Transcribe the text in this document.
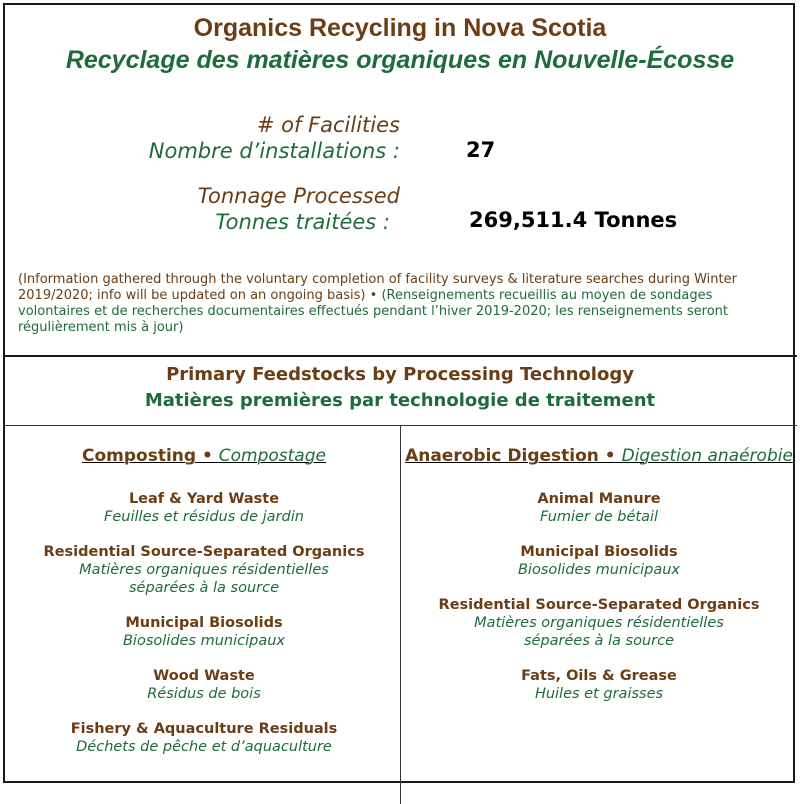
Organics Recycling in Nova Scotia
Recyclage des matières organiques en Nouvelle-Écosse
# of Facilities
Nombre d’installations :	27
Tonnage Processed
Tonnes traitées :	269,511.4 Tonnes
(Information gathered through the voluntary completion of facility surveys & literature searches during Winter 2019/2020; info will be updated on an ongoing basis) • (Renseignements recueillis au moyen de sondages volontaires et de recherches documentaires effectués pendant l’hiver 2019-2020; les renseignements seront régulièrement mis à jour)
Primary Feedstocks by Processing Technology
Matières premières par technologie de traitement
Composting • Compostage
Leaf & Yard Waste
Feuilles et résidus de jardin
Residential Source-Separated Organics
Matières organiques résidentielles
séparées à la source
Municipal Biosolids
Biosolides municipaux
Wood Waste
Résidus de bois
Fishery & Aquaculture Residuals
Déchets de pêche et d’aquaculture
Anaerobic Digestion • Digestion anaérobie
Animal Manure
Fumier de bétail
Municipal Biosolids
Biosolides municipaux
Residential Source-Separated Organics
Matières organiques résidentielles
séparées à la source
Fats, Oils & Grease
Huiles et graisses
